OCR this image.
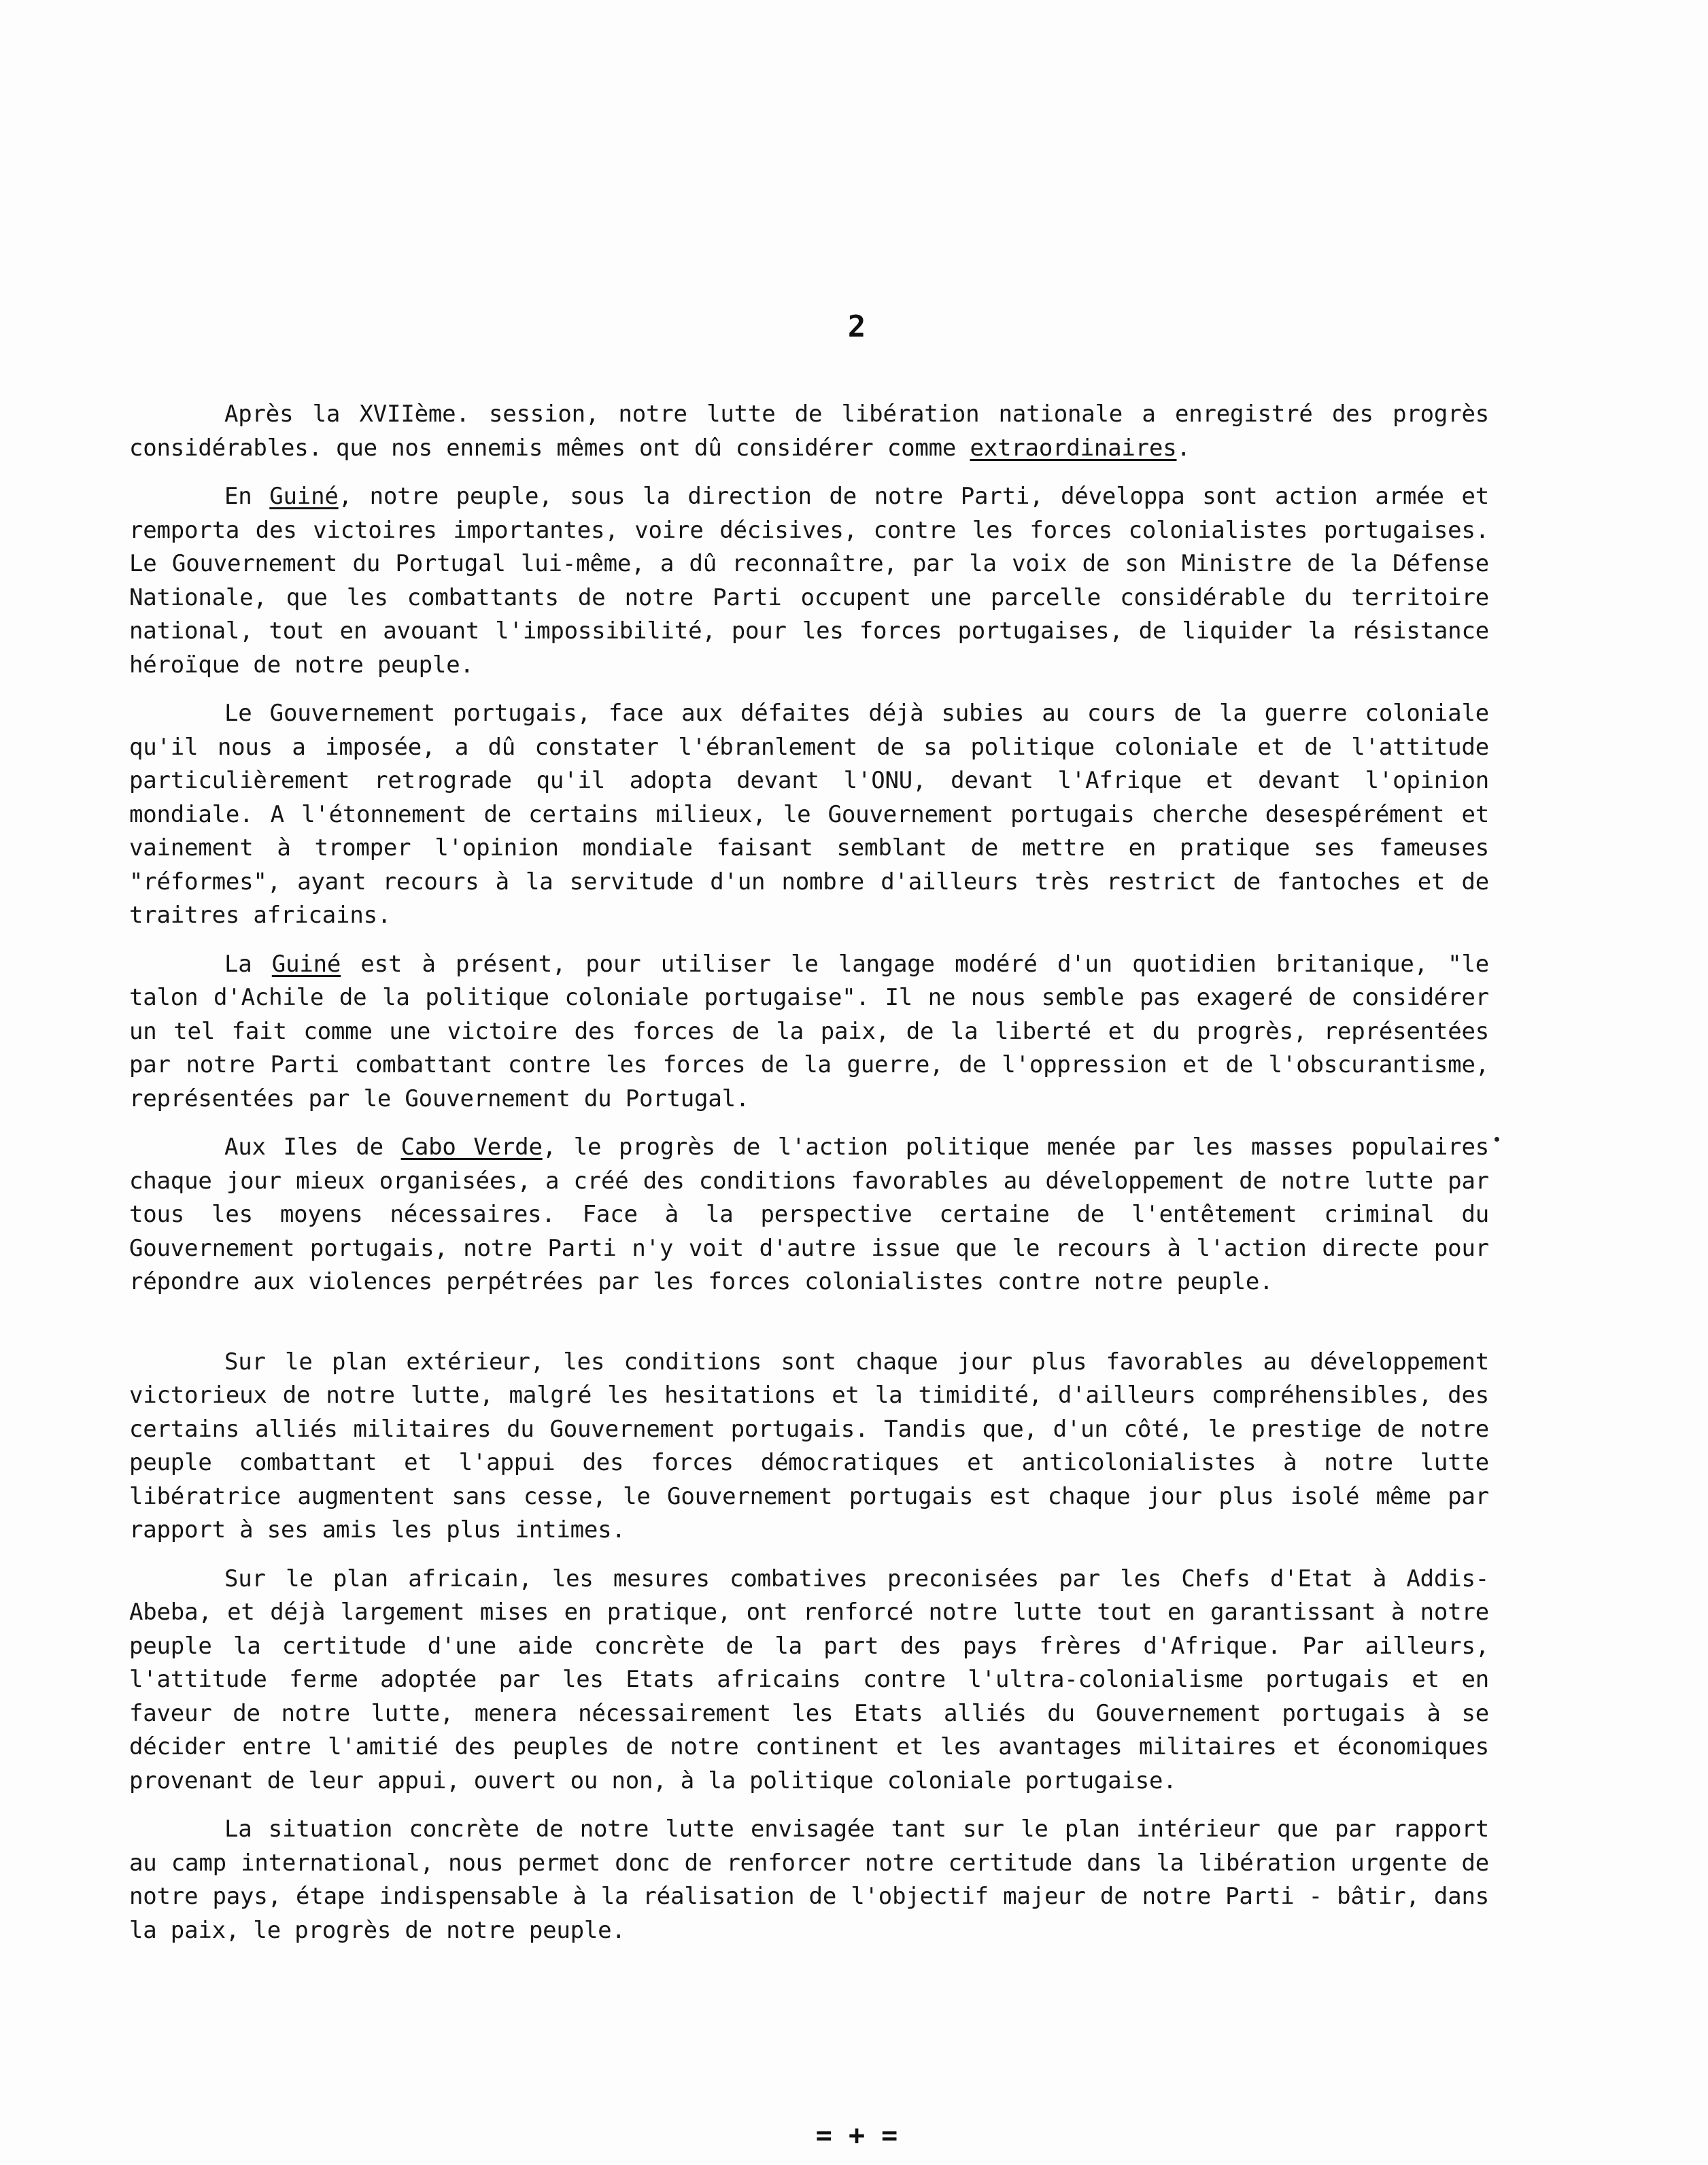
2

Après la XVIIème. session, notre lutte de libération nationale a enregistré des progrès considérables. que nos ennemis mêmes ont dû considérer comme extraordinaires.

En Guiné, notre peuple, sous la direction de notre Parti, développa sont action armée et remporta des victoires importantes, voire décisives, contre les forces colonialistes portugaises. Le Gouvernement du Portugal lui-même, a dû reconnaître, par la voix de son Ministre de la Défense Nationale, que les combattants de notre Parti occupent une parcelle considérable du territoire national, tout en avouant l'impossibilité, pour les forces portugaises, de liquider la résistance héroïque de notre peuple.

Le Gouvernement portugais, face aux défaites déjà subies au cours de la guerre coloniale qu'il nous a imposée, a dû constater l'ébranlement de sa politique coloniale et de l'attitude particulièrement retrograde qu'il adopta devant l'ONU, devant l'Afrique et devant l'opinion mondiale. A l'étonnement de certains milieux, le Gouvernement portugais cherche desespérément et vainement à tromper l'opinion mondiale faisant semblant de mettre en pratique ses fameuses "réformes", ayant recours à la servitude d'un nombre d'ailleurs très restrict de fantoches et de traitres africains.

La Guiné est à présent, pour utiliser le langage modéré d'un quotidien britanique, "le talon d'Achile de la politique coloniale portugaise". Il ne nous semble pas exageré de considérer un tel fait comme une victoire des forces de la paix, de la liberté et du progrès, représentées par notre Parti combattant contre les forces de la guerre, de l'oppression et de l'obscurantisme, représentées par le Gouvernement du Portugal.

Aux Iles de Cabo Verde, le progrès de l'action politique menée par les masses populaires chaque jour mieux organisées, a créé des conditions favorables au développement de notre lutte par tous les moyens nécessaires. Face à la perspective certaine de l'entêtement criminal du Gouvernement portugais, notre Parti n'y voit d'autre issue que le recours à l'action directe pour répondre aux violences perpétrées par les forces colonialistes contre notre peuple.

Sur le plan extérieur, les conditions sont chaque jour plus favorables au développement victorieux de notre lutte, malgré les hesitations et la timidité, d'ailleurs compréhensibles, des certains alliés militaires du Gouvernement portugais. Tandis que, d'un côté, le prestige de notre peuple combattant et l'appui des forces démocratiques et anticolonialistes à notre lutte libératrice augmentent sans cesse, le Gouvernement portugais est chaque jour plus isolé même par rapport à ses amis les plus intimes.

Sur le plan africain, les mesures combatives preconisées par les Chefs d'Etat à Addis-Abeba, et déjà largement mises en pratique, ont renforcé notre lutte tout en garantissant à notre peuple la certitude d'une aide concrète de la part des pays frères d'Afrique. Par ailleurs, l'attitude ferme adoptée par les Etats africains contre l'ultra-colonialisme portugais et en faveur de notre lutte, menera nécessairement les Etats alliés du Gouvernement portugais à se décider entre l'amitié des peuples de notre continent et les avantages militaires et économiques provenant de leur appui, ouvert ou non, à la politique coloniale portugaise.

La situation concrète de notre lutte envisagée tant sur le plan intérieur que par rapport au camp international, nous permet donc de renforcer notre certitude dans la libération urgente de notre pays, étape indispensable à la réalisation de l'objectif majeur de notre Parti - bâtir, dans la paix, le progrès de notre peuple.

= + =
